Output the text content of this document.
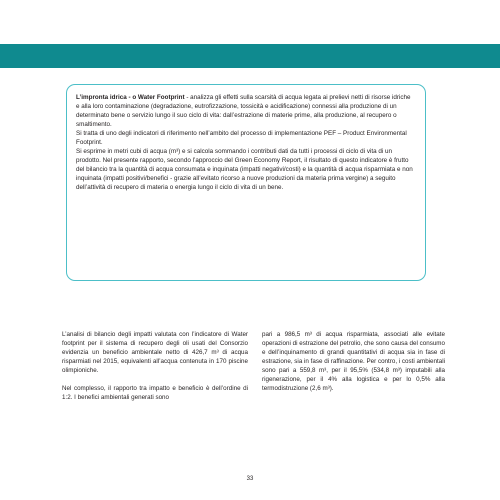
L’impronta idrica - o Water Footprint - analizza gli effetti sulla scarsità di acqua legata ai prelievi netti di risorse idriche e alla loro contaminazione (degradazione, eutrofizzazione, tossicità e acidificazione) connessi alla produzione di un determinato bene o servizio lungo il suo ciclo di vita: dall’estrazione di materie prime, alla produzione, al recupero o smaltimento.

Si tratta di uno degli indicatori di riferimento nell’ambito del processo di implementazione PEF – Product Environmental Footprint.

Si esprime in metri cubi di acqua (m³) e si calcola sommando i contributi dati da tutti i processi di ciclo di vita di un prodotto. Nel presente rapporto, secondo l’approccio del Green Economy Report, il risultato di questo indicatore è frutto del bilancio tra la quantità di acqua consumata e inquinata (impatti negativi/costi) e la quantità di acqua risparmiata e non inquinata (impatti positivi/benefici - grazie all’evitato ricorso a nuove produzioni da materia prima vergine) a seguito dell’attività di recupero di materia o energia lungo il ciclo di vita di un bene.

L’analisi di bilancio degli impatti valutata con l’indicatore di Water footprint per il sistema di recupero degli oli usati del Consorzio evidenzia un beneficio ambientale netto di 426,7 m³ di acqua risparmiati nel 2015, equivalenti all’acqua contenuta in 170 piscine olimpioniche.

Nel complesso, il rapporto tra impatto e beneficio è dell’ordine di 1:2. I benefici ambientali generati sono

pari a 986,5 m³ di acqua risparmiata, associati alle evitate operazioni di estrazione del petrolio, che sono causa del consumo e dell’inquinamento di grandi quantitativi di acqua sia in fase di estrazione, sia in fase di raffinazione. Per contro, i costi ambientali sono pari a 559,8 m³, per il 95,5% (534,8 m³) imputabili alla rigenerazione, per il 4% alla logistica e per lo 0,5% alla termodistruzione (2,6 m³).

33
